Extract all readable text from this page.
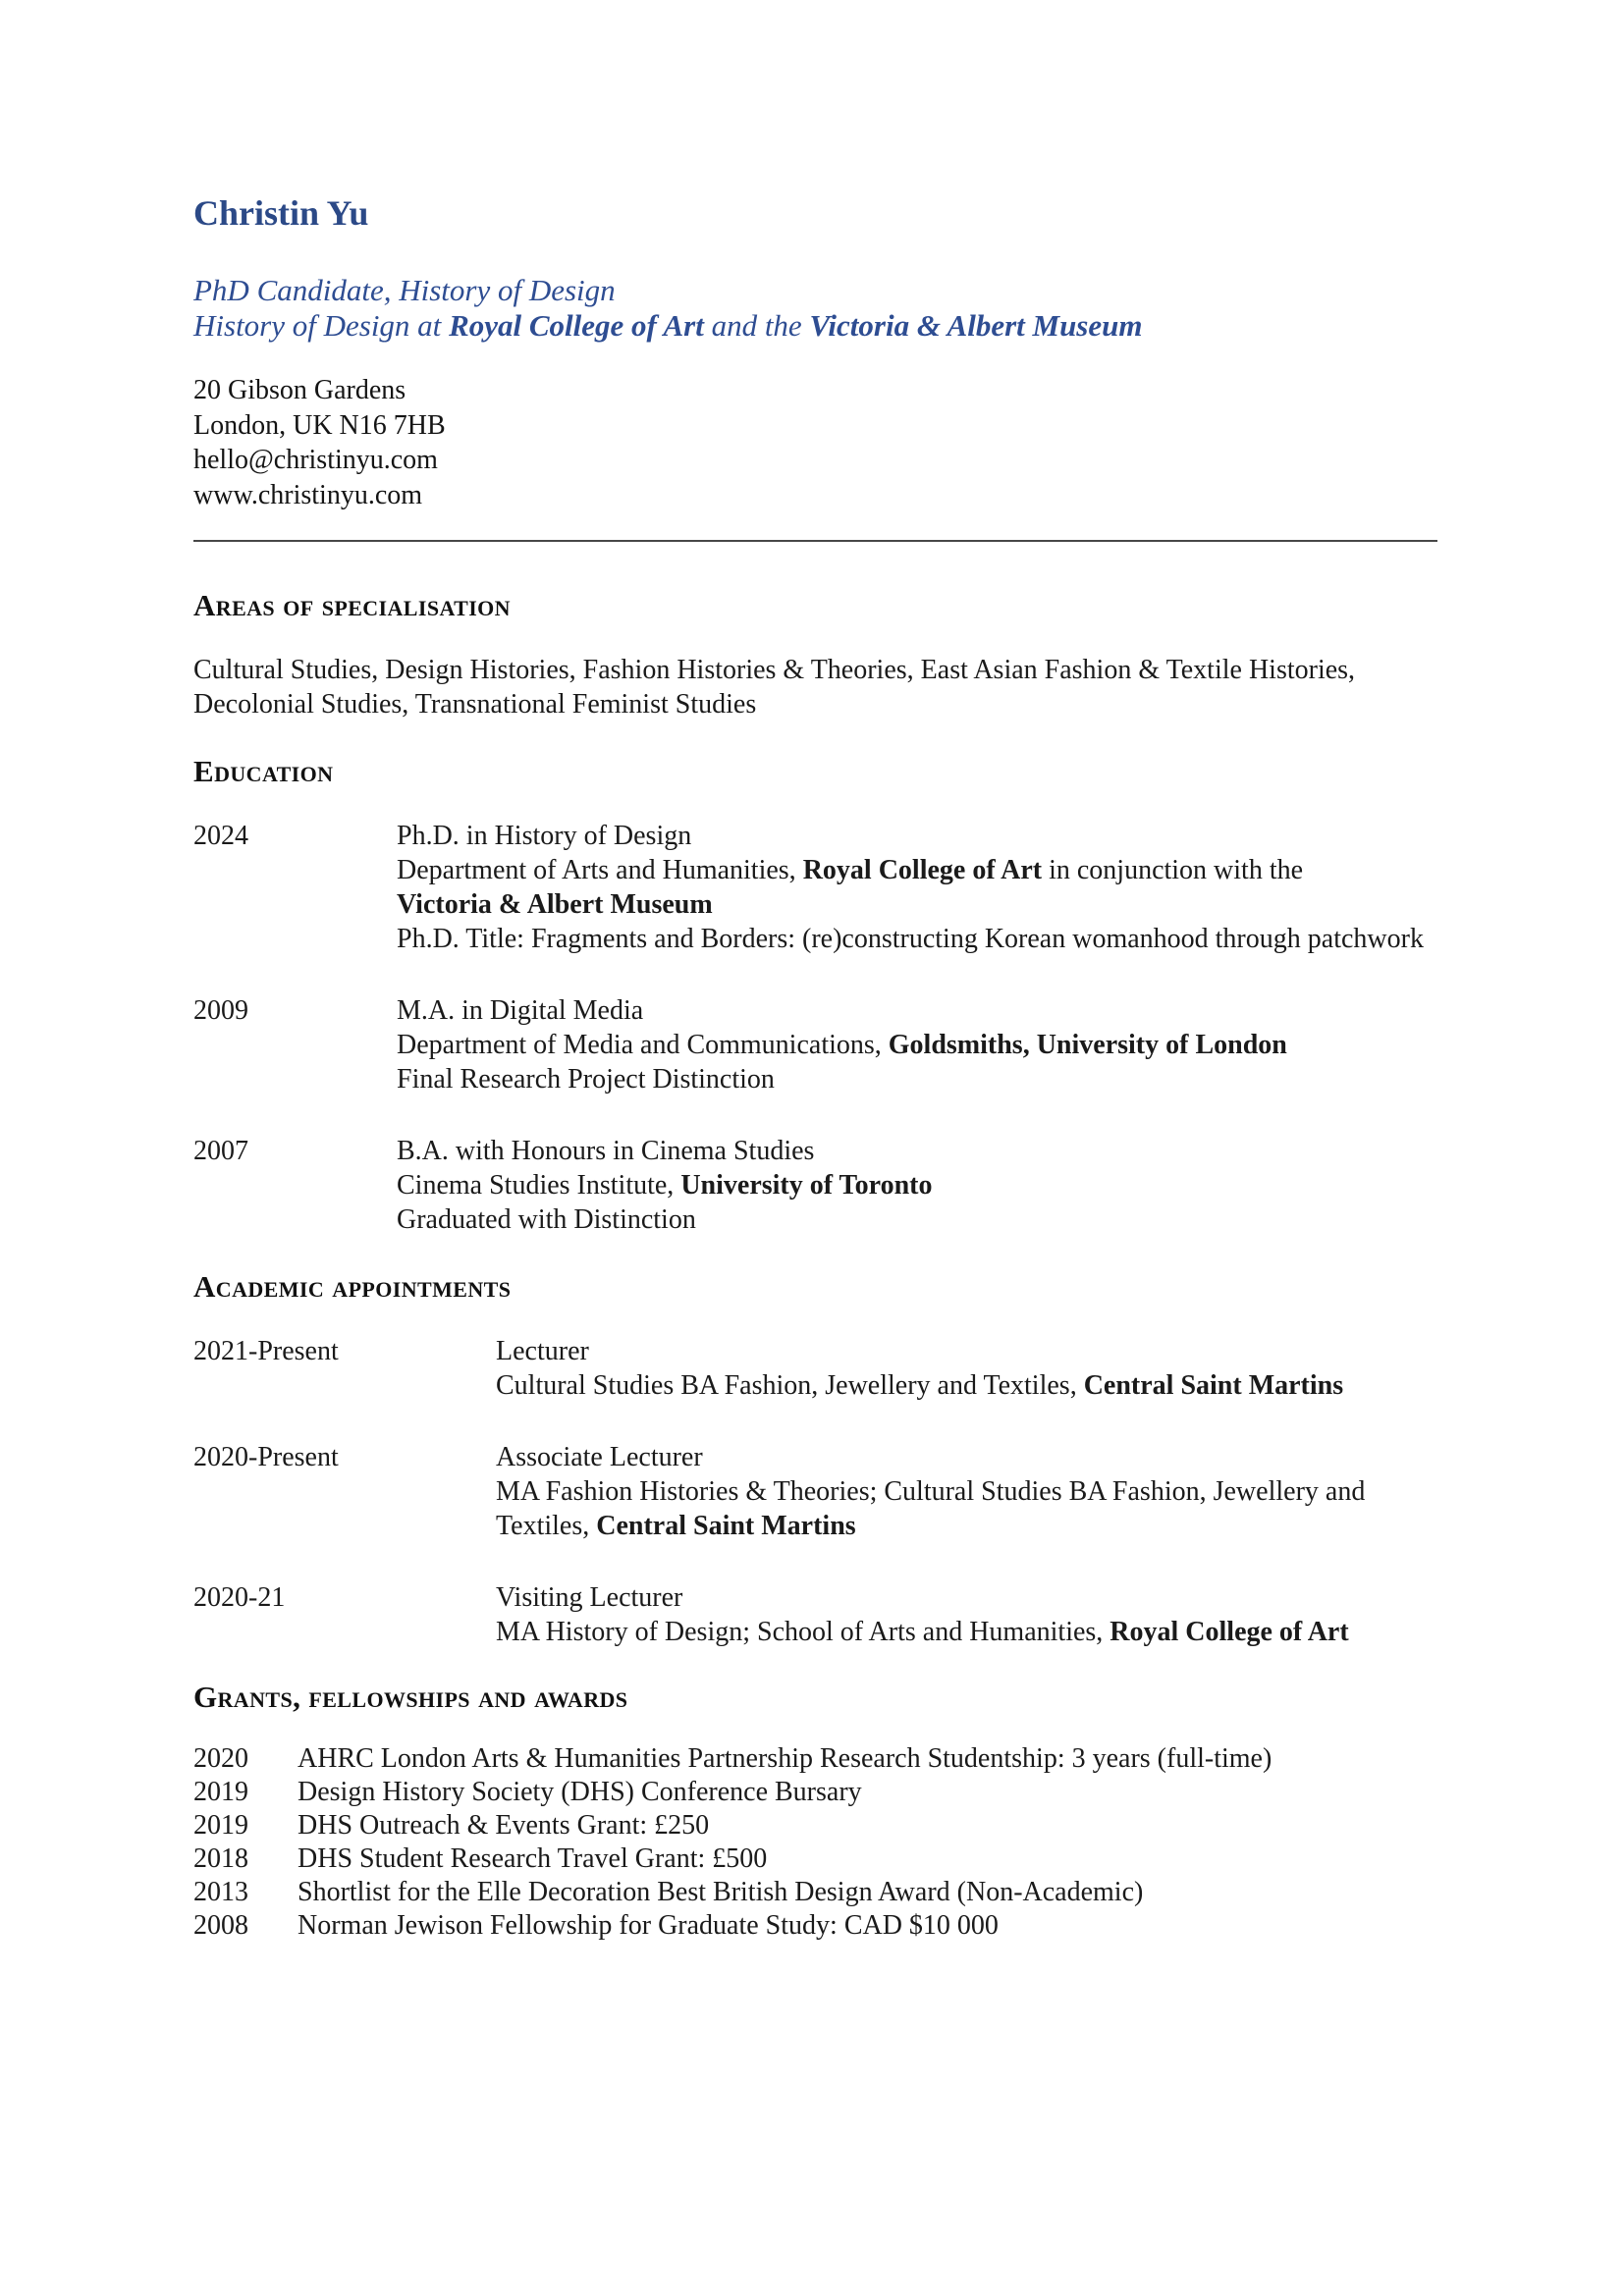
Christin Yu

PhD Candidate, History of Design

History of Design at Royal College of Art and the Victoria & Albert Museum

20 Gibson Gardens
London, UK N16 7HB
hello@christinyu.com
www.christinyu.com
Areas of specialisation

Cultural Studies, Design Histories, Fashion Histories & Theories, East Asian Fashion & Textile Histories, Decolonial Studies, Transnational Feminist Studies

Education
2024	Ph.D. in History of Design
Department of Arts and Humanities, Royal College of Art in conjunction with the Victoria & Albert Museum
Ph.D. Title: Fragments and Borders: (re)constructing Korean womanhood through patchwork
2009	M.A. in Digital Media
Department of Media and Communications, Goldsmiths, University of London
Final Research Project Distinction
2007	B.A. with Honours in Cinema Studies
Cinema Studies Institute, University of Toronto
Graduated with Distinction
Academic appointments
2021-Present	Lecturer
Cultural Studies BA Fashion, Jewellery and Textiles, Central Saint Martins
2020-Present	Associate Lecturer
MA Fashion Histories & Theories; Cultural Studies BA Fashion, Jewellery and Textiles, Central Saint Martins
2020-21	Visiting Lecturer
MA History of Design; School of Arts and Humanities, Royal College of Art
Grants, fellowships and awards
2020	AHRC London Arts & Humanities Partnership Research Studentship: 3 years (full-time)
2019	Design History Society (DHS) Conference Bursary
2019	DHS Outreach & Events Grant: £250
2018	DHS Student Research Travel Grant: £500
2013	Shortlist for the Elle Decoration Best British Design Award (Non-Academic)
2008	Norman Jewison Fellowship for Graduate Study: CAD $10 000
